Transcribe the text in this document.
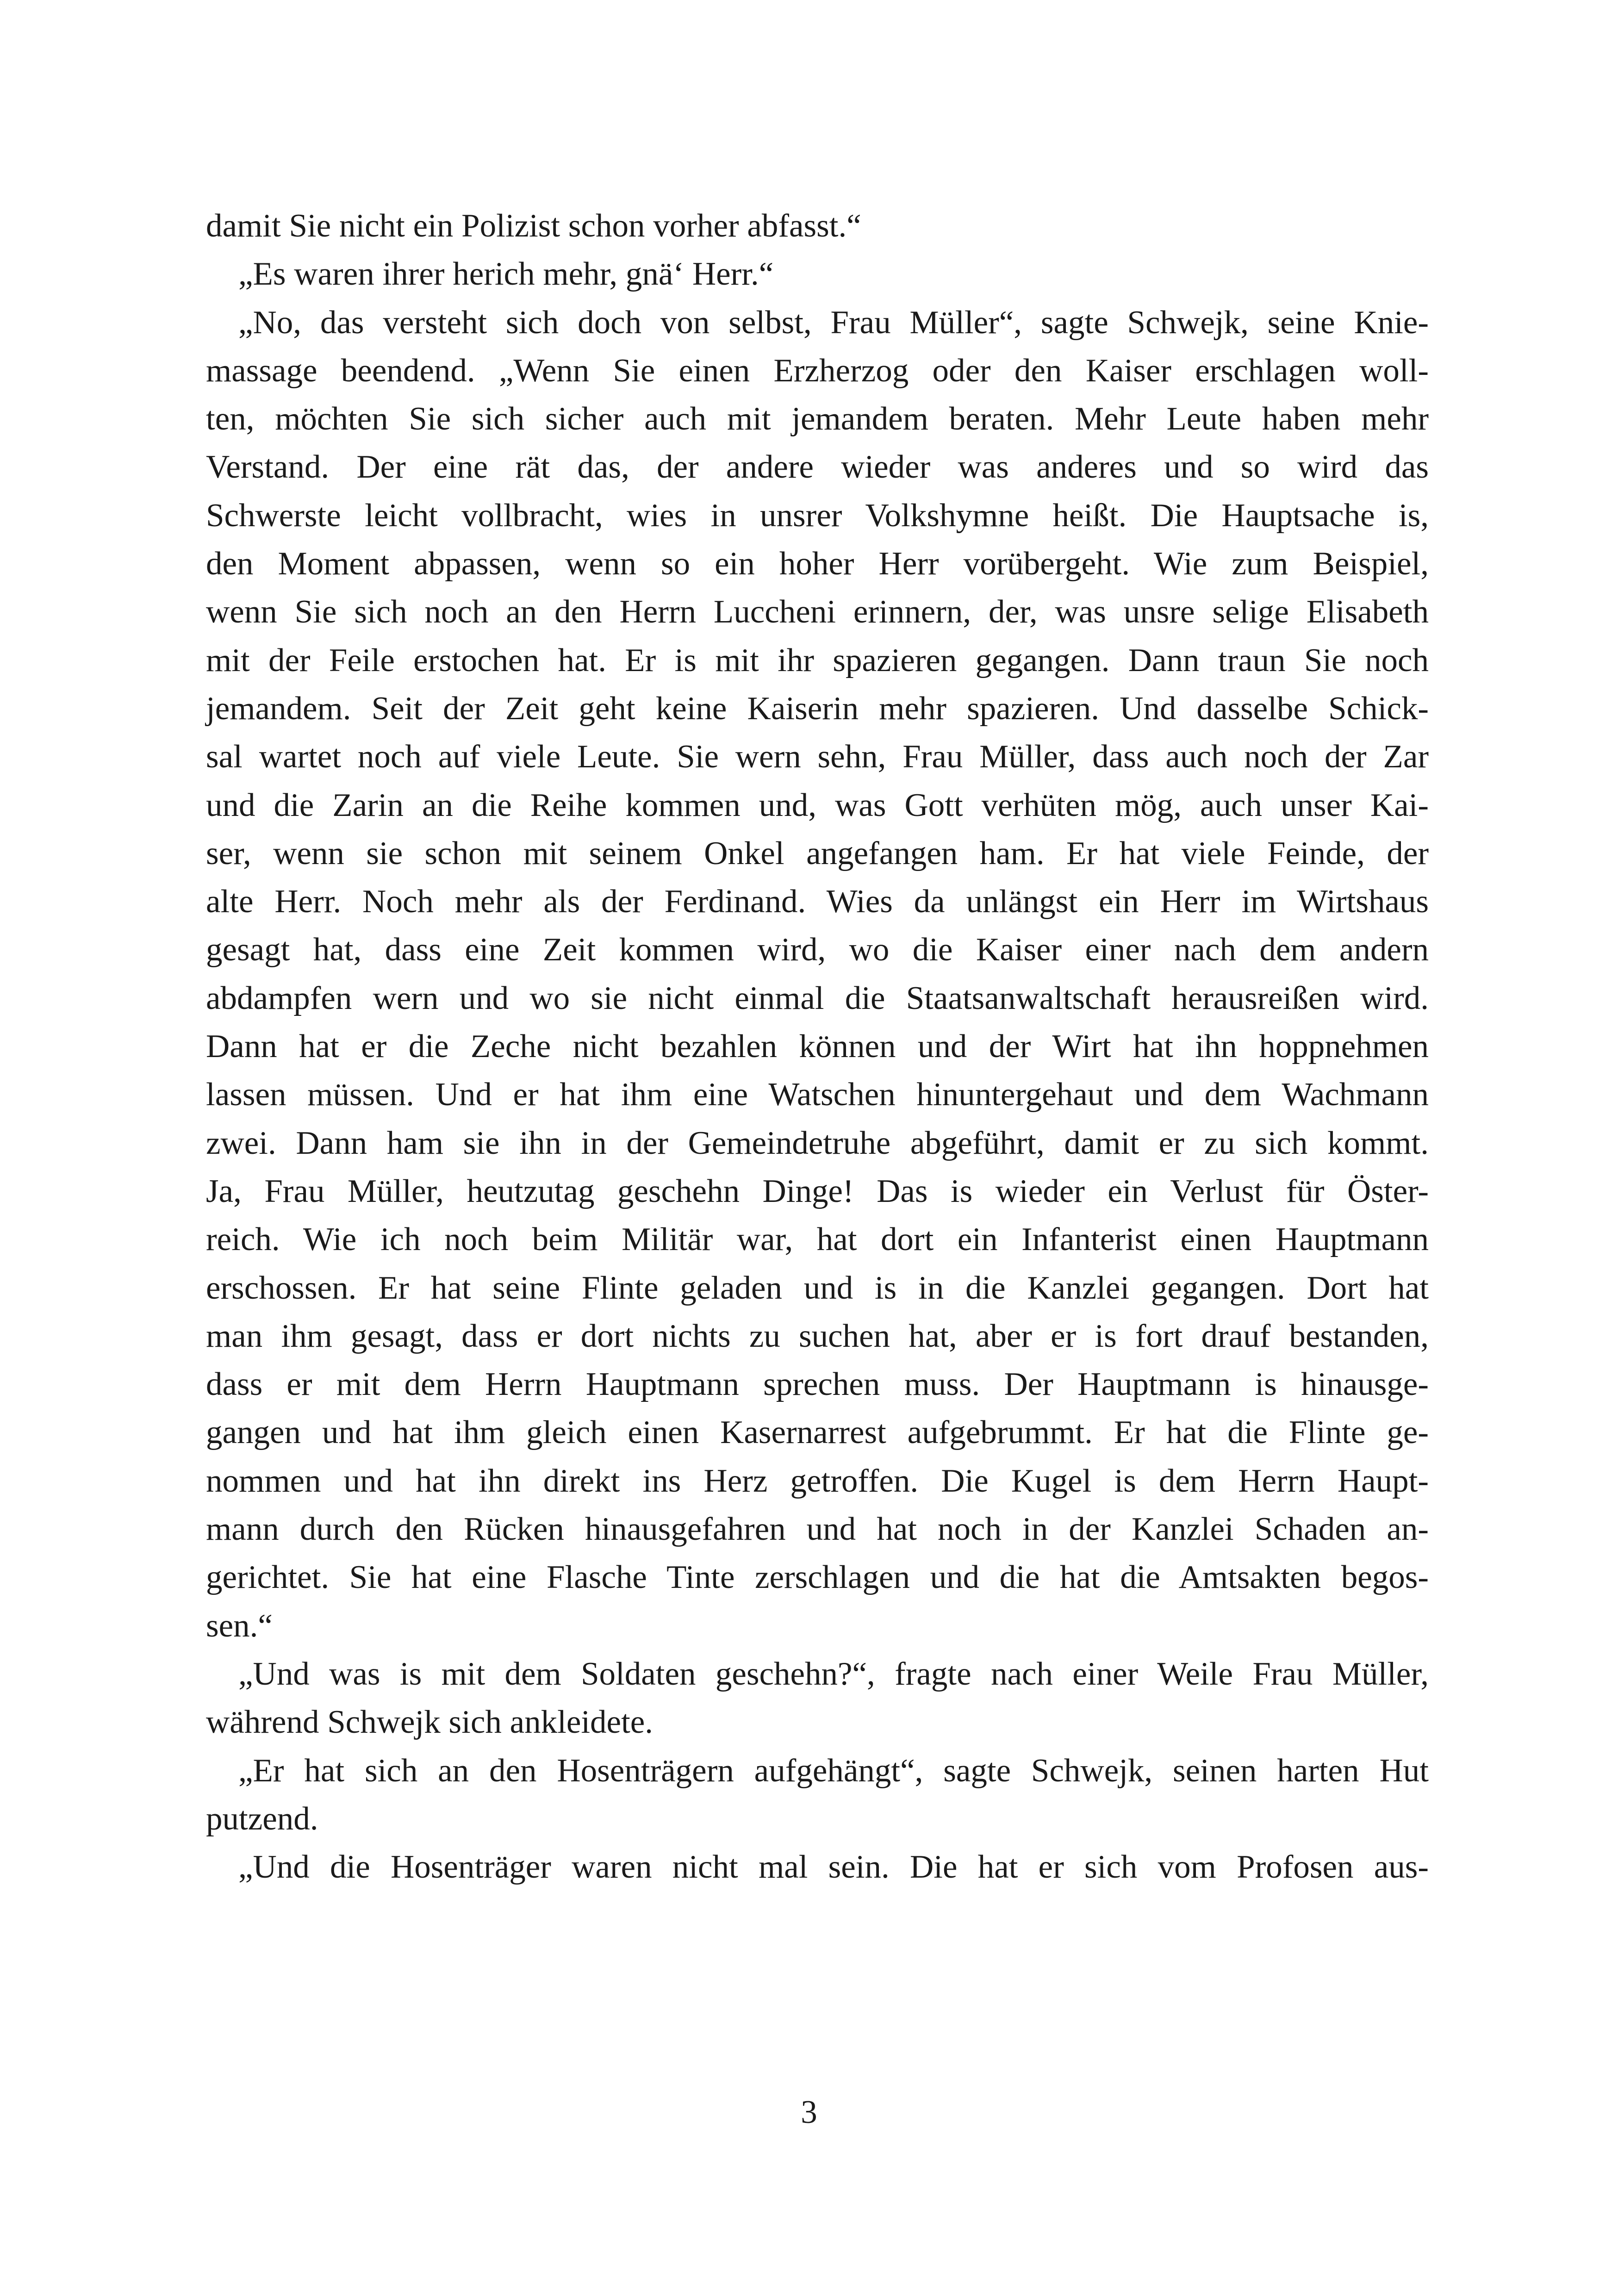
damit Sie nicht ein Polizist schon vorher abfasst.“
„Es waren ihrer herich mehr, gnä‘ Herr.“
„No, das versteht sich doch von selbst, Frau Müller“, sagte Schwejk, seine Knie-
massage beendend. „Wenn Sie einen Erzherzog oder den Kaiser erschlagen woll-
ten, möchten Sie sich sicher auch mit jemandem beraten. Mehr Leute haben mehr
Verstand. Der eine rät das, der andere wieder was anderes und so wird das
Schwerste leicht vollbracht, wies in unsrer Volkshymne heißt. Die Hauptsache is,
den Moment abpassen, wenn so ein hoher Herr vorübergeht. Wie zum Beispiel,
wenn Sie sich noch an den Herrn Luccheni erinnern, der, was unsre selige Elisabeth
mit der Feile erstochen hat. Er is mit ihr spazieren gegangen. Dann traun Sie noch
jemandem. Seit der Zeit geht keine Kaiserin mehr spazieren. Und dasselbe Schick-
sal wartet noch auf viele Leute. Sie wern sehn, Frau Müller, dass auch noch der Zar
und die Zarin an die Reihe kommen und, was Gott verhüten mög, auch unser Kai-
ser, wenn sie schon mit seinem Onkel angefangen ham. Er hat viele Feinde, der
alte Herr. Noch mehr als der Ferdinand. Wies da unlängst ein Herr im Wirtshaus
gesagt hat, dass eine Zeit kommen wird, wo die Kaiser einer nach dem andern
abdampfen wern und wo sie nicht einmal die Staatsanwaltschaft herausreißen wird.
Dann hat er die Zeche nicht bezahlen können und der Wirt hat ihn hoppnehmen
lassen müssen. Und er hat ihm eine Watschen hinuntergehaut und dem Wachmann
zwei. Dann ham sie ihn in der Gemeindetruhe abgeführt, damit er zu sich kommt.
Ja, Frau Müller, heutzutag geschehn Dinge! Das is wieder ein Verlust für Öster-
reich. Wie ich noch beim Militär war, hat dort ein Infanterist einen Hauptmann
erschossen. Er hat seine Flinte geladen und is in die Kanzlei gegangen. Dort hat
man ihm gesagt, dass er dort nichts zu suchen hat, aber er is fort drauf bestanden,
dass er mit dem Herrn Hauptmann sprechen muss. Der Hauptmann is hinausge-
gangen und hat ihm gleich einen Kasernarrest aufgebrummt. Er hat die Flinte ge-
nommen und hat ihn direkt ins Herz getroffen. Die Kugel is dem Herrn Haupt-
mann durch den Rücken hinausgefahren und hat noch in der Kanzlei Schaden an-
gerichtet. Sie hat eine Flasche Tinte zerschlagen und die hat die Amtsakten begos-
sen.“
„Und was is mit dem Soldaten geschehn?“, fragte nach einer Weile Frau Müller,
während Schwejk sich ankleidete.
„Er hat sich an den Hosenträgern aufgehängt“, sagte Schwejk, seinen harten Hut
putzend.
„Und die Hosenträger waren nicht mal sein. Die hat er sich vom Profosen aus-
3
